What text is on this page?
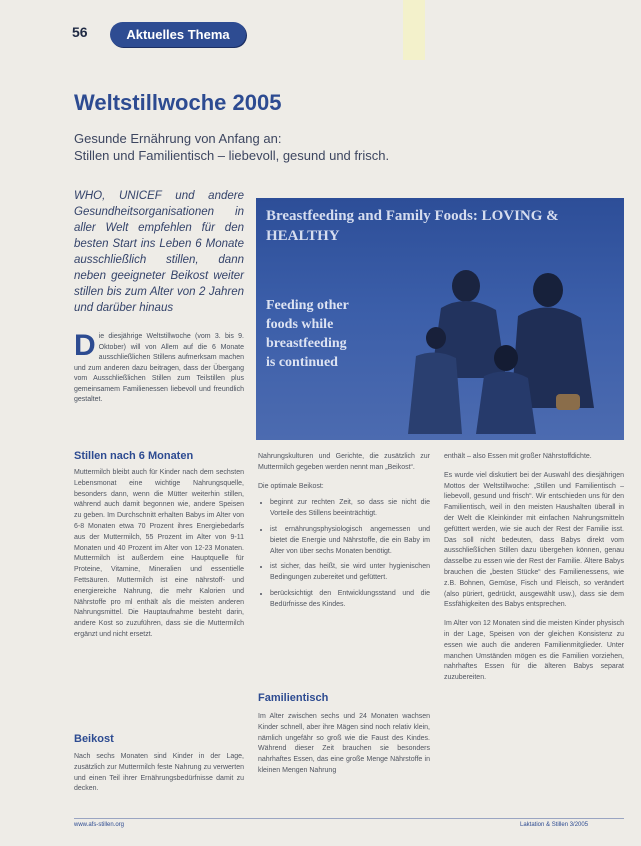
56	Aktuelles Thema
Weltstillwoche 2005
Gesunde Ernährung von Anfang an:
Stillen und Familientisch – liebevoll, gesund und frisch.
WHO, UNICEF und andere Gesundheitsorganisationen in aller Welt empfehlen für den besten Start ins Leben 6 Monate ausschließlich stillen, dann neben geeigneter Beikost weiter stillen bis zum Alter von 2 Jahren und darüber hinaus
Breastfeeding and Family Foods: LOVING & HEALTHY
Feeding other
foods while
breastfeeding
is continued
Die diesjährige Weltstillwoche (vom 3. bis 9. Oktober) will von Allem auf die 6 Monate ausschließlichen Stillens aufmerksam machen und zum anderen dazu beitragen, dass der Übergang vom Ausschließlichen Stillen zum Teilstillen plus gemeinsamem Familienessen liebevoll und freundlich gestaltet.
Stillen nach 6 Monaten
Muttermilch bleibt auch für Kinder nach dem sechsten Lebensmonat eine wichtige Nahrungsquelle, besonders dann, wenn die Mütter weiterhin stillen, während auch damit begonnen wie, andere Speisen zu geben. Im Durchschnitt erhalten Babys im Alter von 6-8 Monaten etwa 70 Prozent ihres Energiebedarfs aus der Muttermilch, 55 Prozent im Alter von 9-11 Monaten und 40 Prozent im Alter von 12-23 Monaten. Muttermilch ist außerdem eine Hauptquelle für Proteine, Vitamine, Mineralien und essentielle Fettsäuren. Muttermilch ist eine nährstoff- und energiereiche Nahrung, die mehr Kalorien und Nährstoffe pro ml enthält als die meisten anderen Nahrungsmittel. Die Hauptaufnahme besteht darin, andere Kost so zuzuführen, dass sie die Muttermilch ergänzt und nicht ersetzt.
Beikost
Nach sechs Monaten sind Kinder in der Lage, zusätzlich zur Muttermilch feste Nahrung zu verwerten und einen Teil ihrer Ernährungsbedürfnisse damit zu decken.
Nahrungskulturen und Gerichte, die zusätzlich zur Muttermilch gegeben werden nennt man „Beikost“.
Die optimale Beikost:
• beginnt zur rechten Zeit, so dass sie nicht die Vorteile des Stillens beeinträchtigt.
• ist ernährungsphysiologisch angemessen und bietet die Energie und Nährstoffe, die ein Baby im Alter von über sechs Monaten benötigt.
• ist sicher, das heißt, sie wird unter hygienischen Bedingungen zubereitet und gefüttert.
• berücksichtigt den Entwicklungsstand und die Bedürfnisse des Kindes.
Familientisch
Im Alter zwischen sechs und 24 Monaten wachsen Kinder schnell, aber ihre Mägen sind noch relativ klein, nämlich ungefähr so groß wie die Faust des Kindes. Während dieser Zeit brauchen sie besonders nahrhaftes Essen, das eine große Menge Nährstoffe in kleinen Mengen Nahrung
enthält – also Essen mit großer Nährstoffdichte.
Es wurde viel diskutiert bei der Auswahl des diesjährigen Mottos der Weltstillwoche: „Stillen und Familientisch – liebevoll, gesund und frisch“. Wir entschieden uns für den Familientisch, weil in den meisten Haushalten überall in der Welt die Kleinkinder mit einfachen Nahrungsmitteln gefüttert werden, wie sie auch der Rest der Familie isst. Das soll nicht bedeuten, dass Babys direkt vom ausschließlichen Stillen dazu übergehen können, genau dasselbe zu essen wie der Rest der Familie. Ältere Babys brauchen die „besten Stücke“ des Familienessens, wie z.B. Bohnen, Gemüse, Fisch und Fleisch, so verändert (also püriert, gedrückt, ausgewählt usw.), dass sie dem Essfähigkeiten des Babys entsprechen.
Im Alter von 12 Monaten sind die meisten Kinder physisch in der Lage, Speisen von der gleichen Konsistenz zu essen wie auch die anderen Familienmitglieder. Unter manchen Umständen mögen es die Familien vorziehen, nahrhaftes Essen für die älteren Babys separat zuzubereiten.
www.afs-stillen.org	Laktation & Stillen 3/2005
